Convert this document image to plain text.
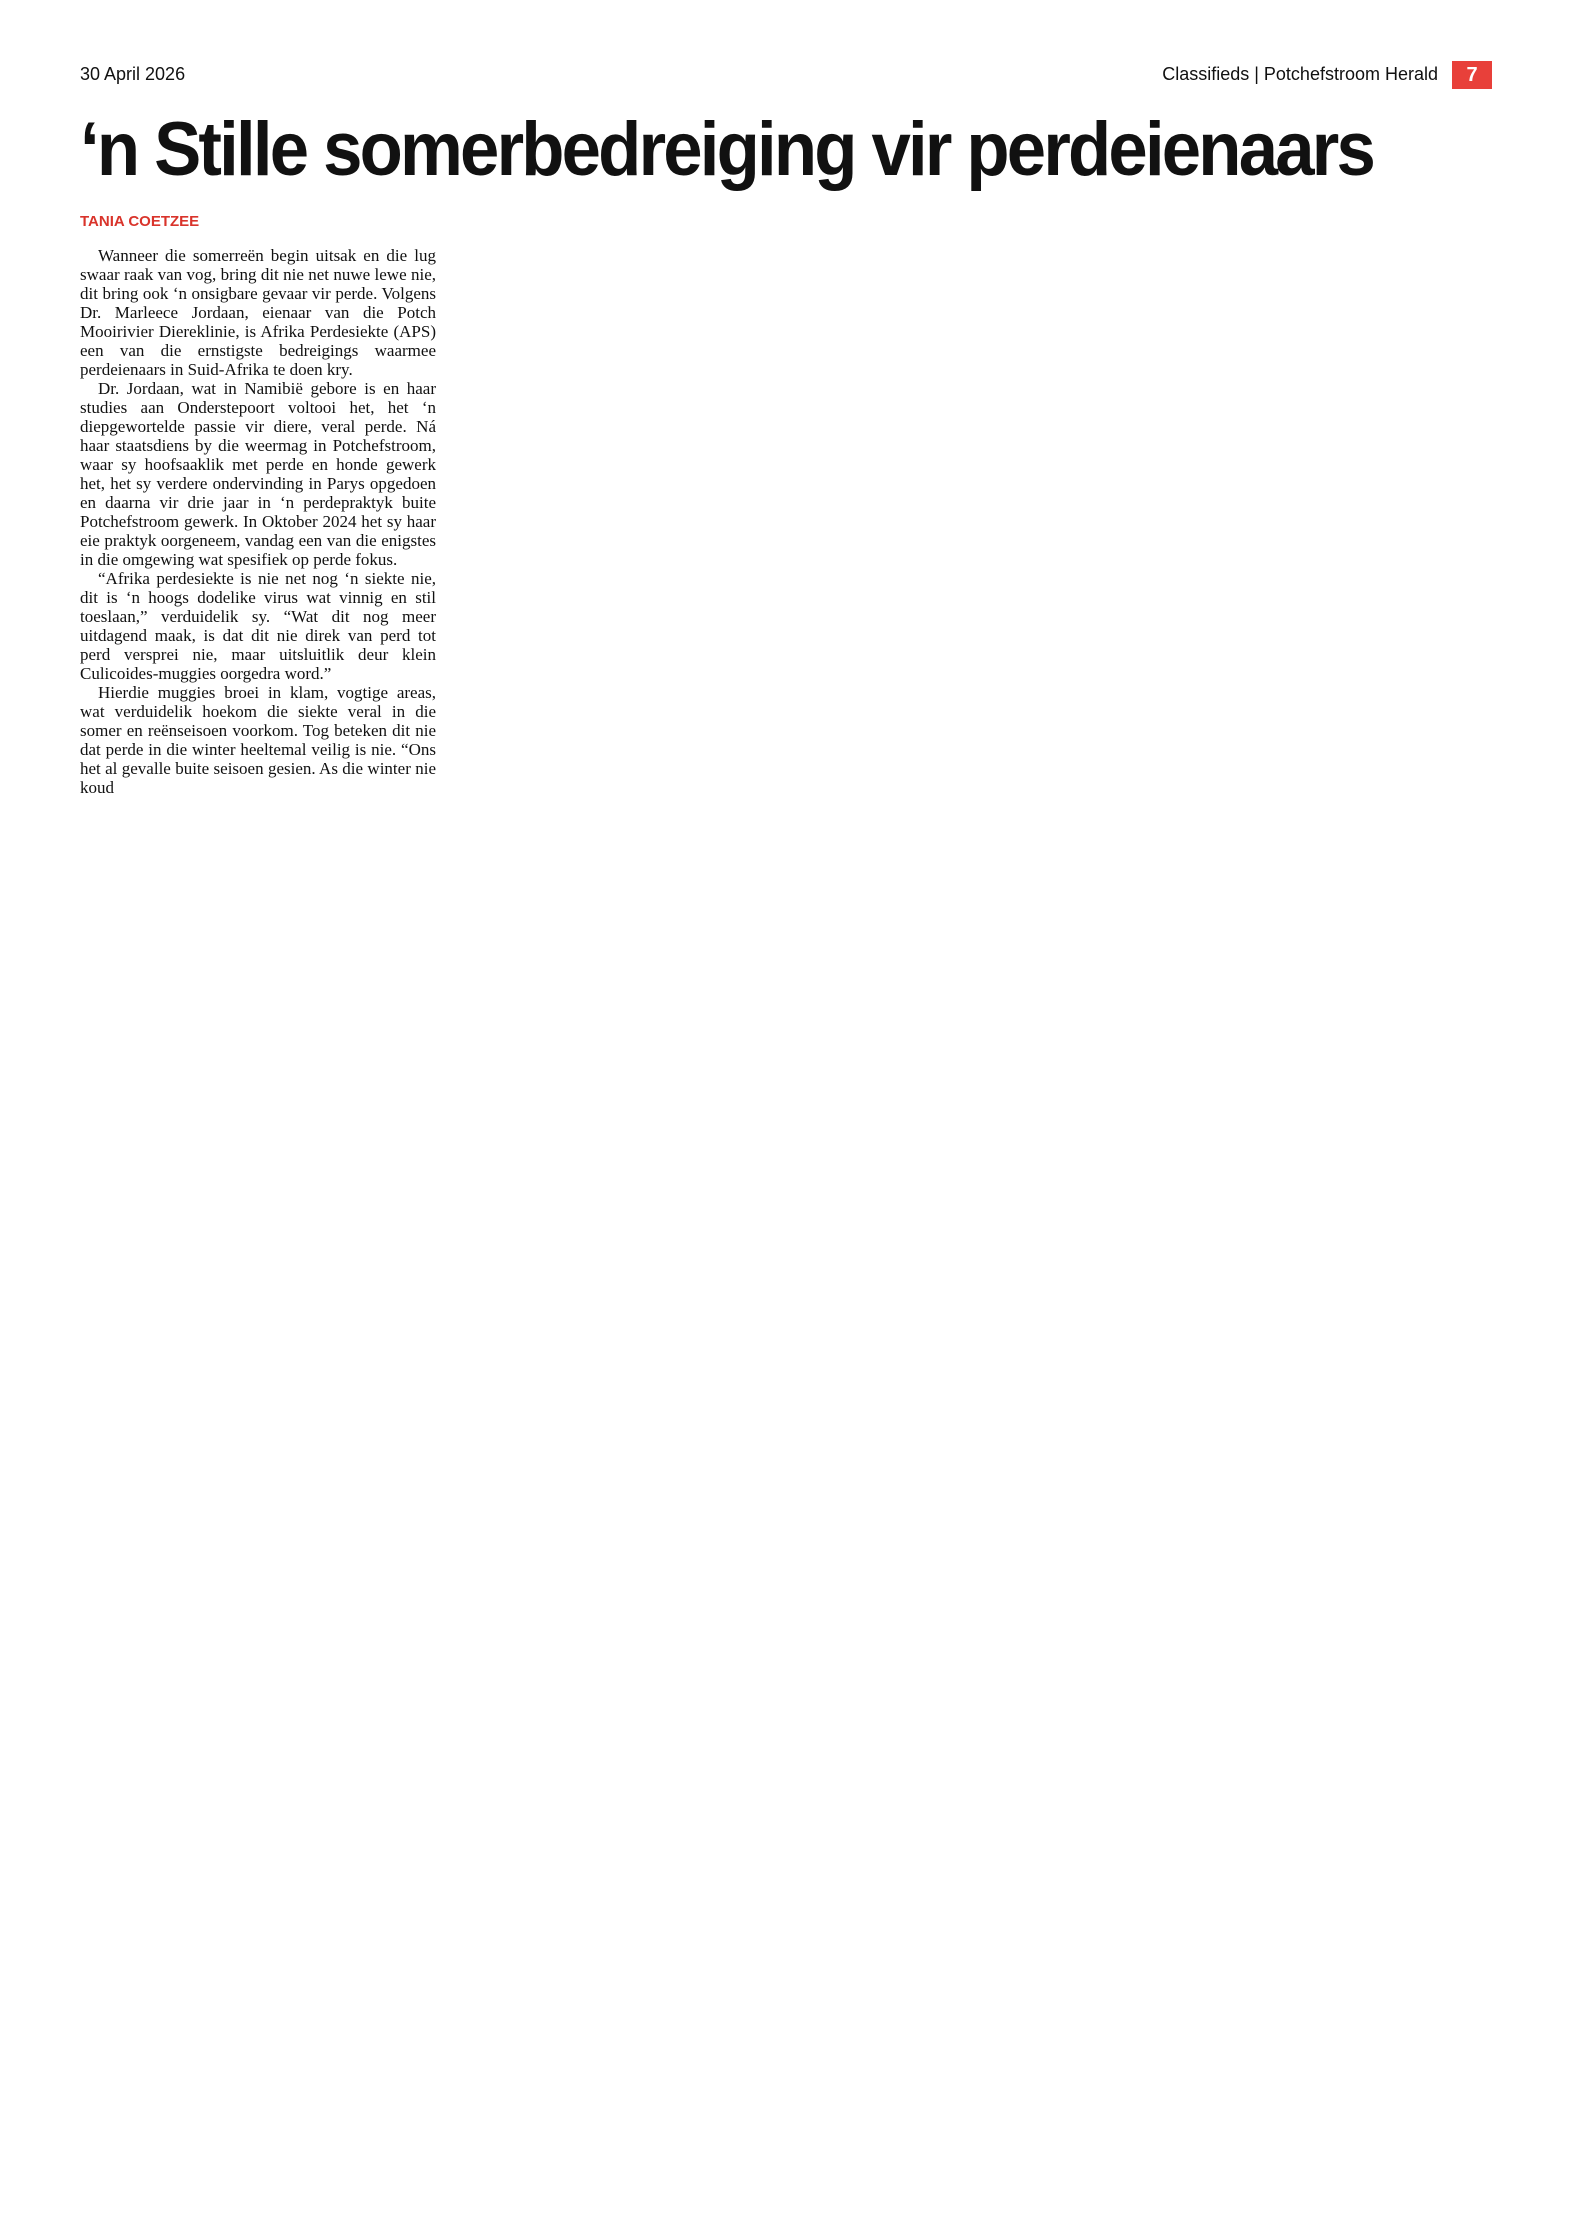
30 April 2026	Classifieds | Potchefstroom Herald	7
‘n Stille somerbedreiging vir perdeienaars
TANIA COETZEE

Wanneer die somerreën begin uitsak en die lug swaar raak van vog, bring dit nie net nuwe lewe nie, dit bring ook ‘n onsigbare gevaar vir perde. Volgens Dr. Marleece Jordaan, eienaar van die Potch Mooirivier Diereklinie, is Afrika Perdesiekte (APS) een van die ernstigste bedreigings waarmee perdeienaars in Suid-Afrika te doen kry.

Dr. Jordaan, wat in Namibië gebore is en haar studies aan Onderstepoort voltooi het, het ‘n diepgewortelde passie vir diere, veral perde. Ná haar staatsdiens by die weermag in Potchefstroom, waar sy hoofsaaklik met perde en honde gewerk het, het sy verdere ondervinding in Parys opgedoen en daarna vir drie jaar in ‘n perdepraktyk buite Potchefstroom gewerk. In Oktober 2024 het sy haar eie praktyk oorgeneem, vandag een van die enigstes in die omgewing wat spesifiek op perde fokus.

“Afrika perdesiekte is nie net nog ‘n siekte nie, dit is ‘n hoogs dodelike virus wat vinnig en stil toeslaan,” verduidelik sy. “Wat dit nog meer uitdagend maak, is dat dit nie direk van perd tot perd versprei nie, maar uitsluitlik deur klein Culicoides-muggies oorgedra word.”

Hierdie muggies broei in klam, vogtige areas, wat verduidelik hoekom die siekte veral in die somer en reënseisoen voorkom. Tog beteken dit nie dat perde in die winter heeltemal veilig is nie. “Ons het al gevalle buite seisoen gesien. As die winter nie koud
